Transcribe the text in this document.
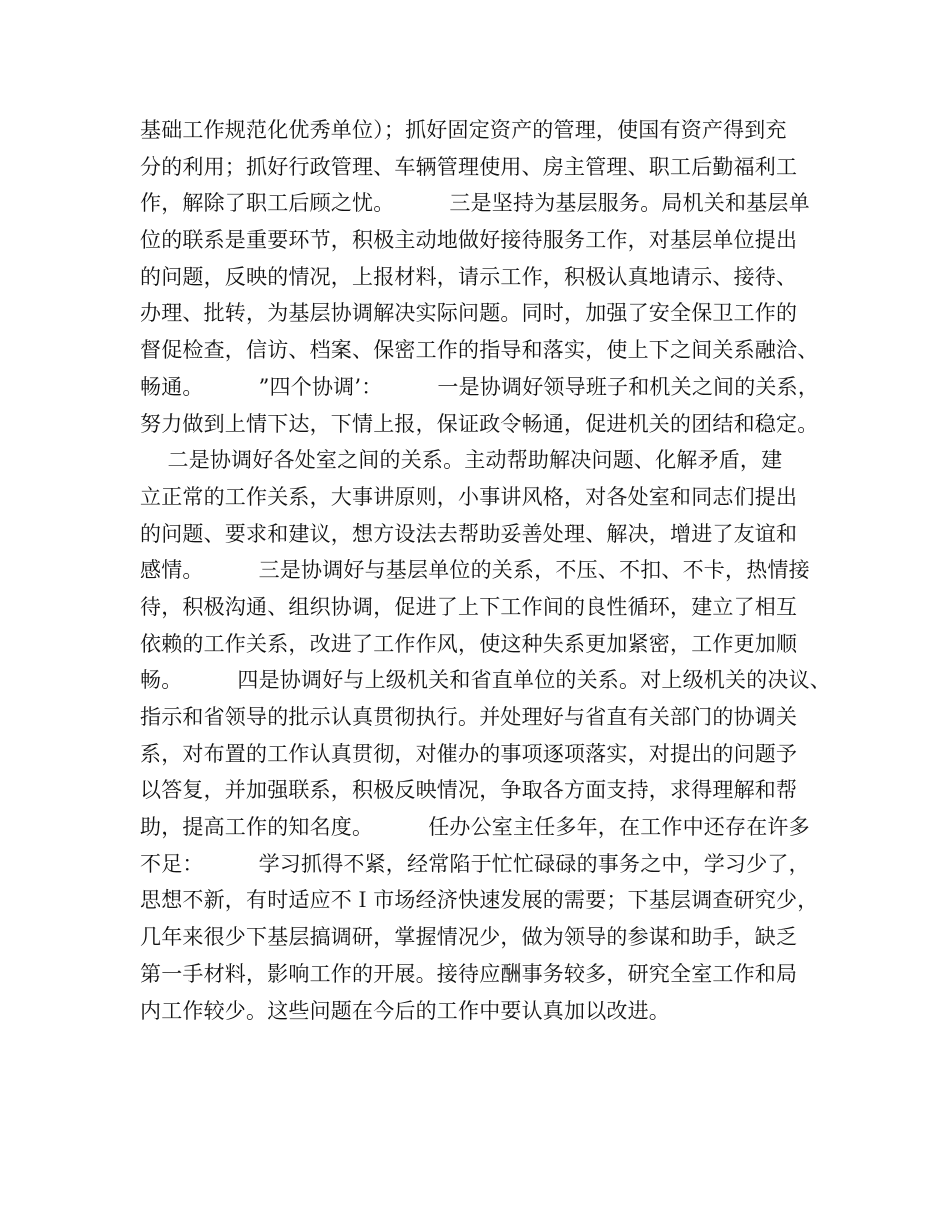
基础工作规范化优秀单位）；抓好固定资产的管理，使国有资产得到充
分的利用；抓好行政管理、车辆管理使用、房主管理、职工后勤福利工
作，解除了职工后顾之忧。        三是坚持为基层服务。局机关和基层单
位的联系是重要环节，积极主动地做好接待服务工作，对基层单位提出
的问题，反映的情况，上报材料，请示工作，积极认真地请示、接待、
办理、批转，为基层协调解决实际问题。同时，加强了安全保卫工作的
督促检查，信访、档案、保密工作的指导和落实，使上下之间关系融洽、
畅通。        ”四个协调’：        一是协调好领导班子和机关之间的关系，
努力做到上情下达，下情上报，保证政令畅通，促进机关的团结和稳定。
二是协调好各处室之间的关系。主动帮助解决问题、化解矛盾，建
立正常的工作关系，大事讲原则，小事讲风格，对各处室和同志们提出
的问题、要求和建议，想方设法去帮助妥善处理、解决，增进了友谊和
感情。        三是协调好与基层单位的关系，不压、不扣、不卡，热情接
待，积极沟通、组织协调，促进了上下工作间的良性循环，建立了相互
依赖的工作关系，改进了工作作风，使这种失系更加紧密，工作更加顺
畅。        四是协调好与上级机关和省直单位的关系。对上级机关的决议、
指示和省领导的批示认真贯彻执行。并处理好与省直有关部门的协调关
系，对布置的工作认真贯彻，对催办的事项逐项落实，对提出的问题予
以答复，并加强联系，积极反映情况，争取各方面支持，求得理解和帮
助，提高工作的知名度。        任办公室主任多年，在工作中还存在许多
不足：        学习抓得不紧，经常陷于忙忙碌碌的事务之中，学习少了，
思想不新，有时适应不Ｉ市场经济快速发展的需要；下基层调查研究少，
几年来很少下基层搞调研，掌握情况少，做为领导的参谋和助手，缺乏
第一手材料，影响工作的开展。接待应酬事务较多，研究全室工作和局
内工作较少。这些问题在今后的工作中要认真加以改进。
